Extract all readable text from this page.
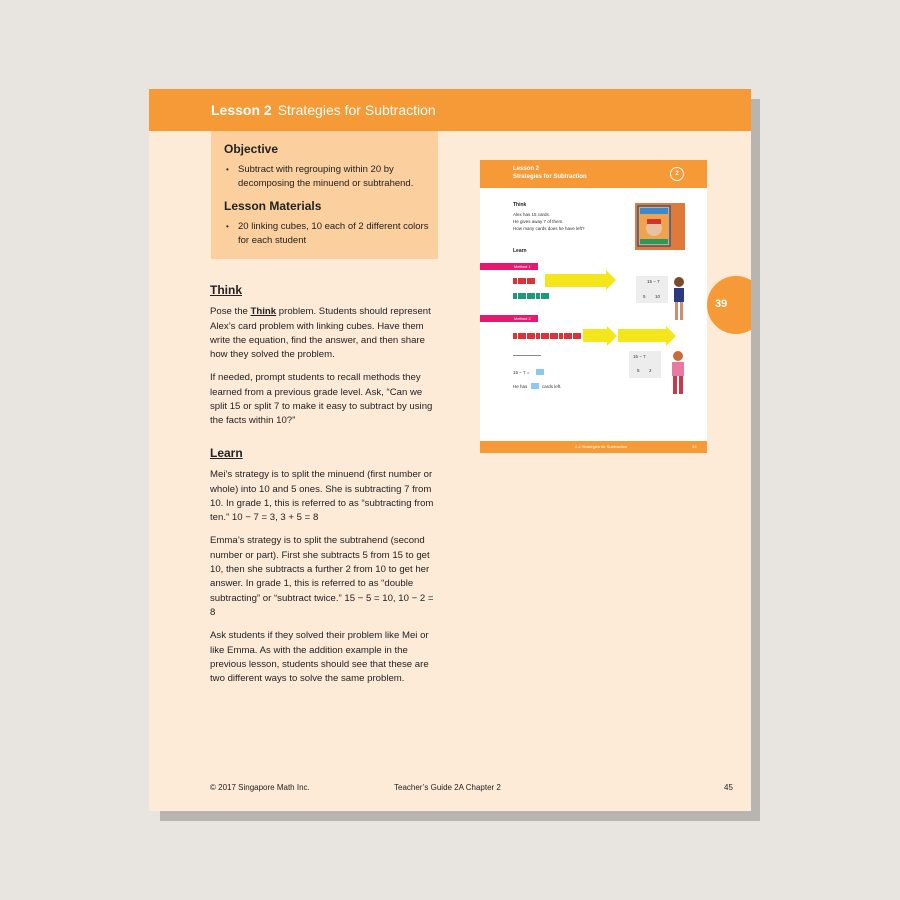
Lesson 2 Strategies for Subtraction
Objective
• Subtract with regrouping within 20 by decomposing the minuend or subtrahend.
Lesson Materials
• 20 linking cubes, 10 each of 2 different colors for each student
Think

Pose the Think problem. Students should represent Alex’s card problem with linking cubes. Have them write the equation, find the answer, and then share how they solved the problem.

If needed, prompt students to recall methods they learned from a previous grade level. Ask, “Can we split 15 or split 7 to make it easy to subtract by using the facts within 10?”

Learn

Mei’s strategy is to split the minuend (first number or whole) into 10 and 5 ones. She is subtracting 7 from 10. In grade 1, this is referred to as “subtracting from ten.” 10 − 7 = 3, 3 + 5 = 8

Emma’s strategy is to split the subtrahend (second number or part). First she subtracts 5 from 15 to get 10, then she subtracts a further 2 from 10 to get her answer. In grade 1, this is referred to as “double subtracting” or “subtract twice.” 15 − 5 = 10, 10 − 2 = 8

Ask students if they solved their problem like Mei or like Emma. As with the addition example in the previous lesson, students should see that these are two different ways to solve the same problem.

39
Lesson 2
Strategies for Subtraction	2
Think
Alex has 15 cards.
He gives away 7 of them.
How many cards does he have left?
Learn
Method 1
Method 2
15 − 7
5 10
15 − 7
5 2
15 − 7 =
He has	cards left.
2-2 Strategies for Subtraction	39
© 2017 Singapore Math Inc.	Teacher’s Guide 2A Chapter 2	45
